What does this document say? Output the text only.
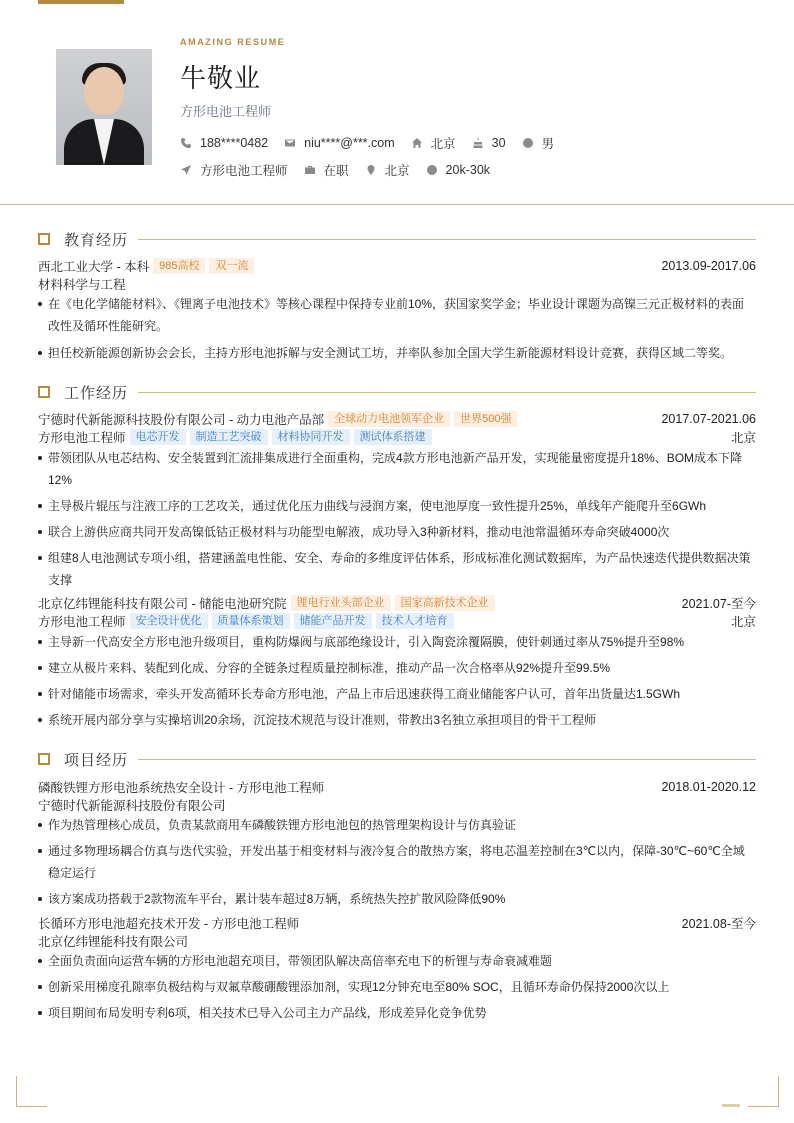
AMAZING RESUME
牛敬业
方形电池工程师
188****0482	niu****@***.com	北京	30	男
方形电池工程师	在职	北京	20k-30k
教育经历
西北工业大学 - 本科 985高校	双一流	2013.09-2017.06
材料科学与工程
在《电化学储能材料》、《锂离子电池技术》等核心课程中保持专业前10%，获国家奖学金；毕业设计课题为高镍三元正极材料的表面改性及循环性能研究。
担任校新能源创新协会会长，主持方形电池拆解与安全测试工坊，并率队参加全国大学生新能源材料设计竞赛，获得区域二等奖。
工作经历
宁德时代新能源科技股份有限公司 - 动力电池产品部 全球动力电池领军企业	世界500强	2017.07-2021.06
方形电池工程师 电芯开发	制造工艺突破	材料协同开发	测试体系搭建	北京
带领团队从电芯结构、安全装置到汇流排集成进行全面重构，完成4款方形电池新产品开发，实现能量密度提升18%、BOM成本下降12%
主导极片辊压与注液工序的工艺攻关，通过优化压力曲线与浸润方案，使电池厚度一致性提升25%，单线年产能爬升至6GWh
联合上游供应商共同开发高镍低钴正极材料与功能型电解液，成功导入3种新材料，推动电池常温循环寿命突破4000次
组建8人电池测试专项小组，搭建涵盖电性能、安全、寿命的多维度评估体系，形成标准化测试数据库，为产品快速迭代提供数据决策支撑
北京亿纬锂能科技有限公司 - 储能电池研究院 锂电行业头部企业	国家高新技术企业	2021.07-至今
方形电池工程师 安全设计优化	质量体系策划	储能产品开发	技术人才培育	北京
主导新一代高安全方形电池升级项目，重构防爆阀与底部绝缘设计，引入陶瓷涂覆隔膜，使针刺通过率从75%提升至98%
建立从极片来料、装配到化成、分容的全链条过程质量控制标准，推动产品一次合格率从92%提升至99.5%
针对储能市场需求，牵头开发高循环长寿命方形电池，产品上市后迅速获得工商业储能客户认可，首年出货量达1.5GWh
系统开展内部分享与实操培训20余场，沉淀技术规范与设计准则，带教出3名独立承担项目的骨干工程师
项目经历
磷酸铁锂方形电池系统热安全设计 - 方形电池工程师	2018.01-2020.12
宁德时代新能源科技股份有限公司
作为热管理核心成员，负责某款商用车磷酸铁锂方形电池包的热管理架构设计与仿真验证
通过多物理场耦合仿真与迭代实验，开发出基于相变材料与液冷复合的散热方案，将电芯温差控制在3℃以内，保障-30℃~60℃全域稳定运行
该方案成功搭载于2款物流车平台，累计装车超过8万辆，系统热失控扩散风险降低90%
长循环方形电池超充技术开发 - 方形电池工程师	2021.08-至今
北京亿纬锂能科技有限公司
全面负责面向运营车辆的方形电池超充项目，带领团队解决高倍率充电下的析锂与寿命衰减难题
创新采用梯度孔隙率负极结构与双氟草酸硼酸锂添加剂，实现12分钟充电至80% SOC，且循环寿命仍保持2000次以上
项目期间布局发明专利6项，相关技术已导入公司主力产品线，形成差异化竞争优势
